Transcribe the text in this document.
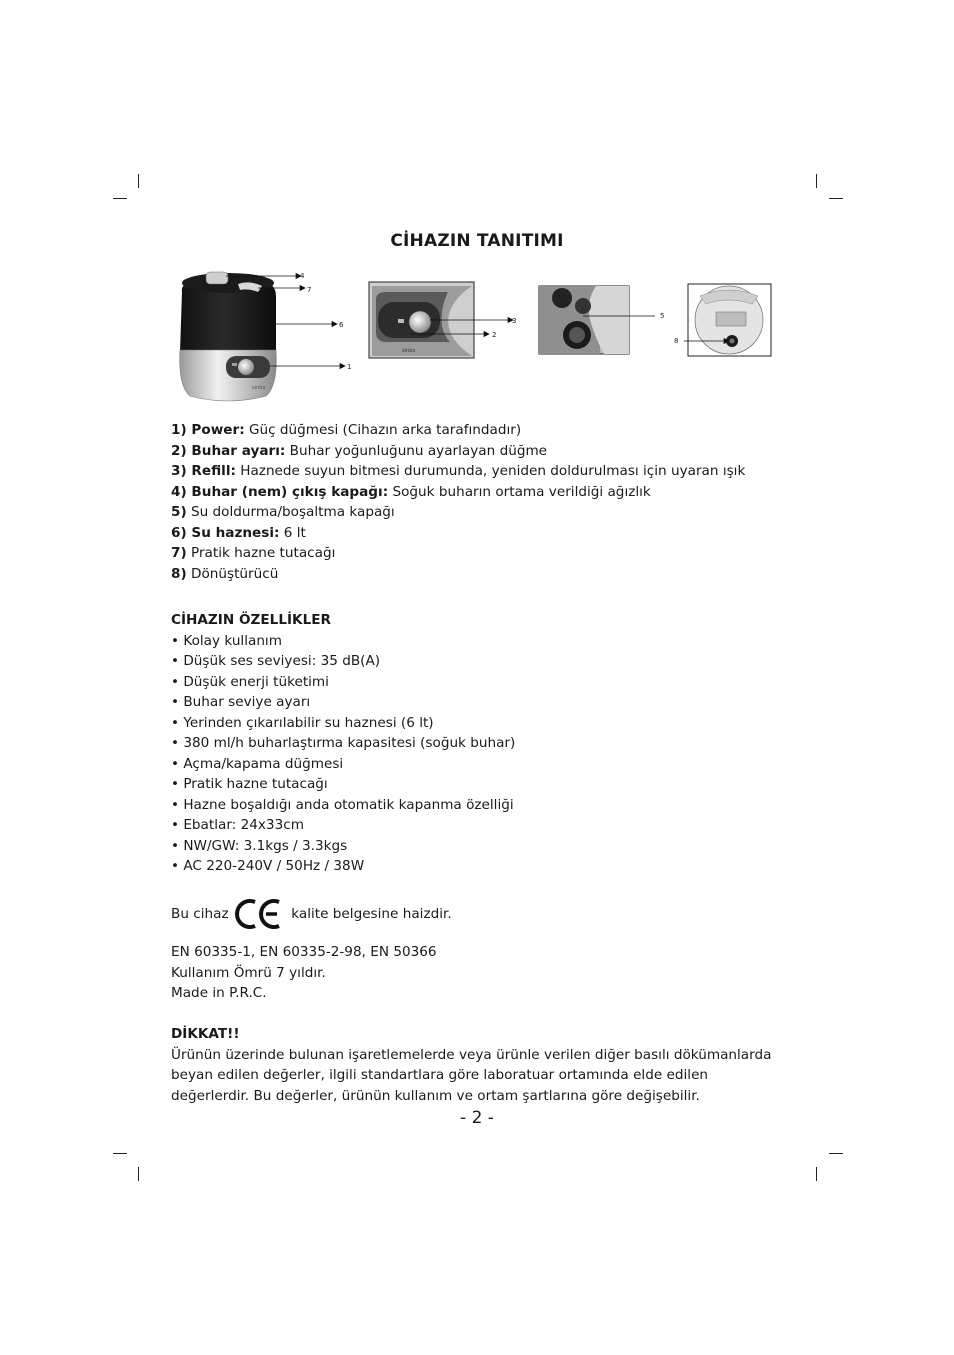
CİHAZIN TANITIMI
sinbo
sinbo
4
7
6
1
3
2
5
8
1) Power: Güç düğmesi (Cihazın arka tarafındadır)
2) Buhar ayarı: Buhar yoğunluğunu ayarlayan düğme
3) Refill: Haznede suyun bitmesi durumunda, yeniden doldurulması için uyaran ışık
4) Buhar (nem) çıkış kapağı: Soğuk buharın ortama verildiği ağızlık
5) Su doldurma/boşaltma kapağı
6) Su haznesi: 6 lt
7) Pratik hazne tutacağı
8) Dönüştürücü
CİHAZIN ÖZELLİKLER
• Kolay kullanım
• Düşük ses seviyesi: 35 dB(A)
• Düşük enerji tüketimi
• Buhar seviye ayarı
• Yerinden çıkarılabilir su haznesi (6 lt)
• 380 ml/h buharlaştırma kapasitesi (soğuk buhar)
• Açma/kapama düğmesi
• Pratik hazne tutacağı
• Hazne boşaldığı anda otomatik kapanma özelliği
• Ebatlar: 24x33cm
• NW/GW: 3.1kgs / 3.3kgs
• AC 220-240V / 50Hz / 38W
Bu cihaz	kalite belgesine haizdir.
EN 60335-1, EN 60335-2-98, EN 50366
Kullanım Ömrü 7 yıldır.
Made in P.R.C.
DİKKAT!!
Ürünün üzerinde bulunan işaretlemelerde veya ürünle verilen diğer basılı dökümanlarda
beyan edilen değerler, ilgili standartlara göre laboratuar ortamında elde edilen
değerlerdir. Bu değerler, ürünün kullanım ve ortam şartlarına göre değişebilir.
- 2 -
